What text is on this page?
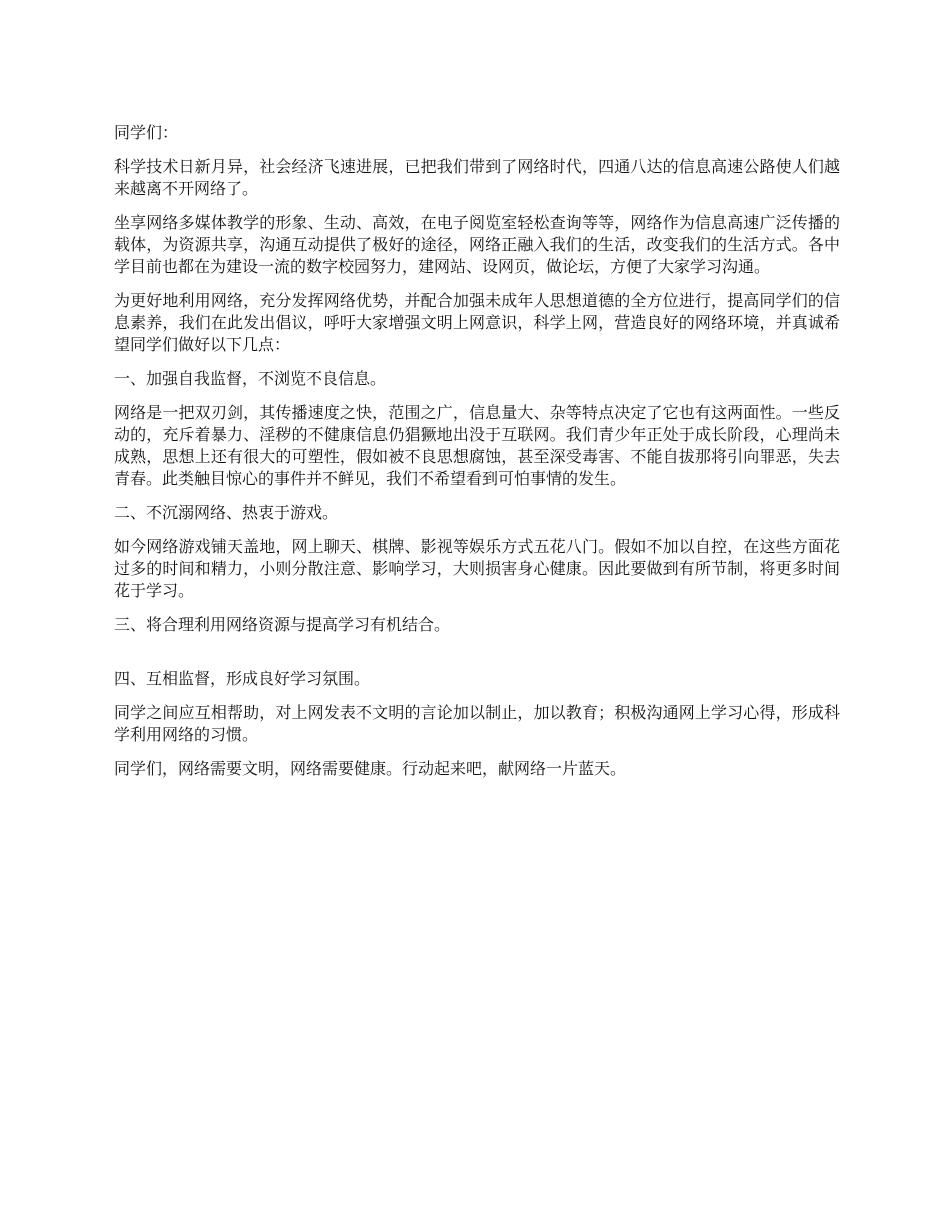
同学们：

科学技术日新月异，社会经济飞速进展，已把我们带到了网络时代，四通八达的信息高速公路使人们越来越离不开网络了。

坐享网络多媒体教学的形象、生动、高效，在电子阅览室轻松查询等等，网络作为信息高速广泛传播的载体，为资源共享，沟通互动提供了极好的途径，网络正融入我们的生活，改变我们的生活方式。各中学目前也都在为建设一流的数字校园努力，建网站、设网页，做论坛，方便了大家学习沟通。

为更好地利用网络，充分发挥网络优势，并配合加强未成年人思想道德的全方位进行，提高同学们的信息素养，我们在此发出倡议，呼吁大家增强文明上网意识，科学上网，营造良好的网络环境，并真诚希望同学们做好以下几点：

一、加强自我监督，不浏览不良信息。

网络是一把双刃剑，其传播速度之快，范围之广，信息量大、杂等特点决定了它也有这两面性。一些反动的，充斥着暴力、淫秽的不健康信息仍猖獗地出没于互联网。我们青少年正处于成长阶段，心理尚未成熟，思想上还有很大的可塑性，假如被不良思想腐蚀，甚至深受毒害、不能自拔那将引向罪恶，失去青春。此类触目惊心的事件并不鲜见，我们不希望看到可怕事情的发生。

二、不沉溺网络、热衷于游戏。

如今网络游戏铺天盖地，网上聊天、棋牌、影视等娱乐方式五花八门。假如不加以自控，在这些方面花过多的时间和精力，小则分散注意、影响学习，大则损害身心健康。因此要做到有所节制，将更多时间花于学习。

三、将合理利用网络资源与提高学习有机结合。

四、互相监督，形成良好学习氛围。

同学之间应互相帮助，对上网发表不文明的言论加以制止，加以教育；积极沟通网上学习心得，形成科学利用网络的习惯。

同学们，网络需要文明，网络需要健康。行动起来吧，献网络一片蓝天。
